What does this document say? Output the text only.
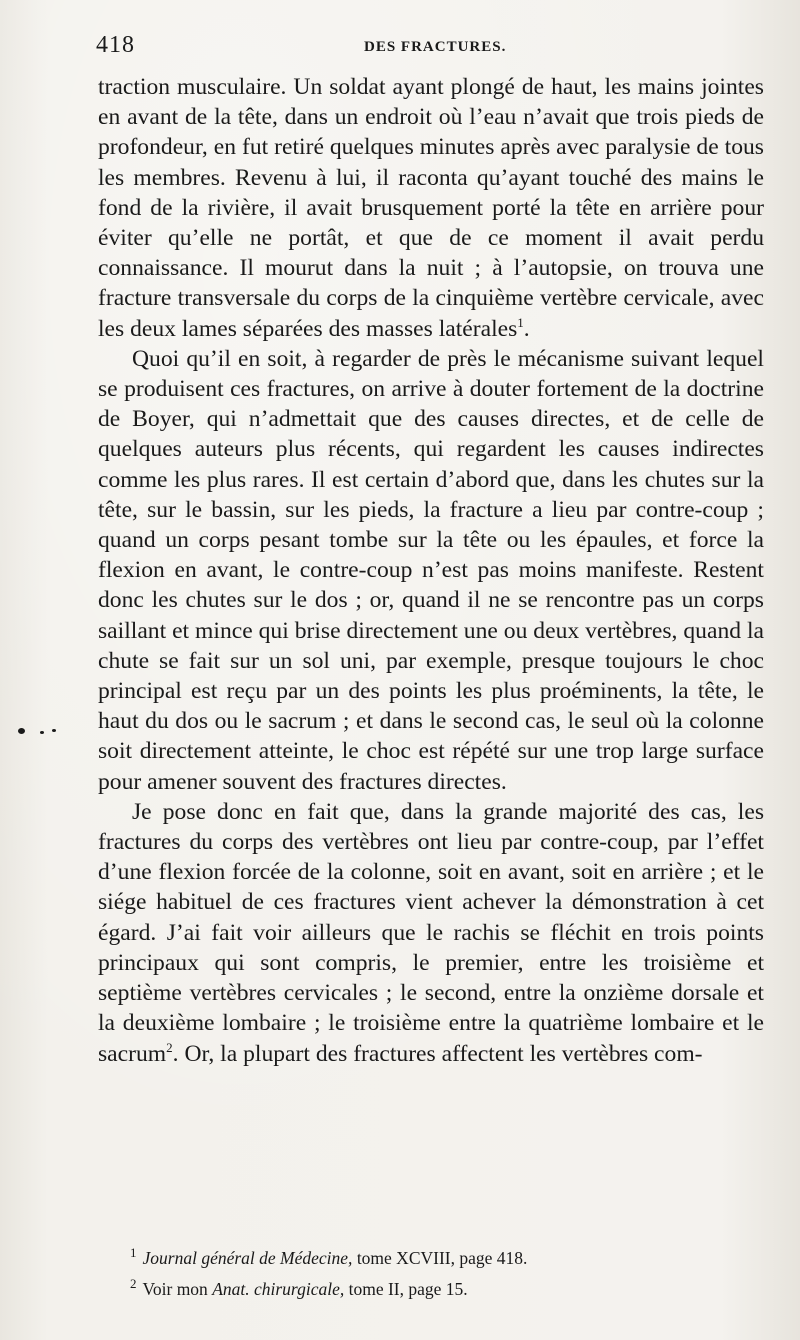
418	DES FRACTURES.

traction musculaire. Un soldat ayant plongé de haut, les mains jointes en avant de la tête, dans un endroit où l’eau n’avait que trois pieds de profondeur, en fut retiré quelques minutes après avec paralysie de tous les membres. Revenu à lui, il raconta qu’ayant touché des mains le fond de la rivière, il avait brusquement porté la tête en arrière pour éviter qu’elle ne portât, et que de ce moment il avait perdu connaissance. Il mourut dans la nuit ; à l’autopsie, on trouva une fracture transversale du corps de la cinquième vertèbre cervicale, avec les deux lames séparées des masses latérales$^1$.

Quoi qu’il en soit, à regarder de près le mécanisme suivant lequel se produisent ces fractures, on arrive à douter fortement de la doctrine de Boyer, qui n’admettait que des causes directes, et de celle de quelques auteurs plus récents, qui regardent les causes indirectes comme les plus rares. Il est certain d’abord que, dans les chutes sur la tête, sur le bassin, sur les pieds, la fracture a lieu par contre-coup ; quand un corps pesant tombe sur la tête ou les épaules, et force la flexion en avant, le contre-coup n’est pas moins manifeste. Restent donc les chutes sur le dos ; or, quand il ne se rencontre pas un corps saillant et mince qui brise directement une ou deux vertèbres, quand la chute se fait sur un sol uni, par exemple, presque toujours le choc principal est reçu par un des points les plus proéminents, la tête, le haut du dos ou le sacrum ; et dans le second cas, le seul où la colonne soit directement atteinte, le choc est répété sur une trop large surface pour amener souvent des fractures directes.

Je pose donc en fait que, dans la grande majorité des cas, les fractures du corps des vertèbres ont lieu par contre-coup, par l’effet d’une flexion forcée de la colonne, soit en avant, soit en arrière ; et le siége habituel de ces fractures vient achever la démonstration à cet égard. J’ai fait voir ailleurs que le rachis se fléchit en trois points principaux qui sont compris, le premier, entre les troisième et septième vertèbres cervicales ; le second, entre la onzième dorsale et la deuxième lombaire ; le troisième entre la quatrième lombaire et le sacrum$^2$. Or, la plupart des fractures affectent les vertèbres com-

$^1$ Journal général de Médecine, tome XCVIII, page 418.

$^2$ Voir mon Anat. chirurgicale, tome II, page 15.
